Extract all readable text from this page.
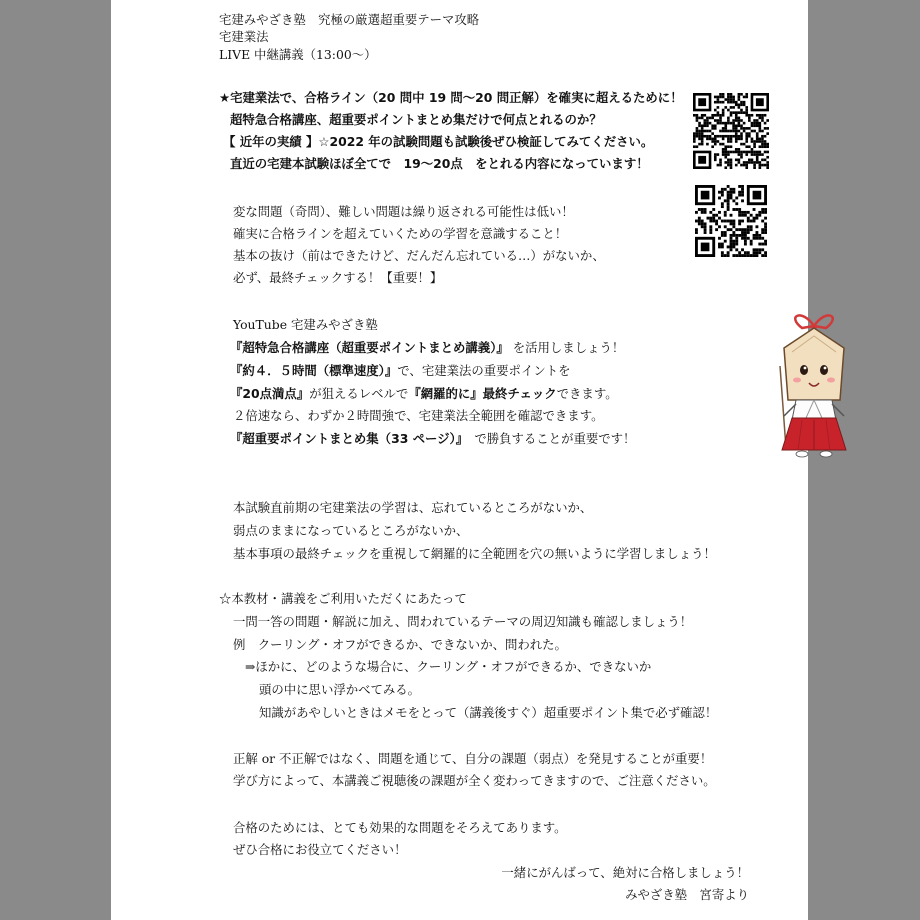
宅建みやざき塾　究極の厳選超重要テーマ攻略
宅建業法
LIVE 中継講義（13:00〜）
★宅建業法で、合格ライン（20 問中 19 問〜20 問正解）を確実に超えるために！
超特急合格講座、超重要ポイントまとめ集だけで何点とれるのか？
【 近年の実績 】☆2022 年の試験問題も試験後ぜひ検証してみてください。
直近の宅建本試験ほぼ全てで　19〜20点　をとれる内容になっています！
変な問題（奇問）、難しい問題は繰り返される可能性は低い！
確実に合格ラインを超えていくための学習を意識すること！
基本の抜け（前はできたけど、だんだん忘れている…）がないか、
必ず、最終チェックする！【重要！】
YouTube 宅建みやざき塾
『超特急合格講座（超重要ポイントまとめ講義）』 を活用しましょう！
『約４．５時間（標準速度）』で、宅建業法の重要ポイントを
『20点満点』が狙えるレベルで『網羅的に』最終チェックできます。
２倍速なら、わずか２時間強で、宅建業法全範囲を確認できます。
『超重要ポイントまとめ集（33 ページ）』　で勝負することが重要です！
本試験直前期の宅建業法の学習は、忘れているところがないか、
弱点のままになっているところがないか、
基本事項の最終チェックを重視して網羅的に全範囲を穴の無いように学習しましょう！
☆本教材・講義をご利用いただくにあたって
一問一答の問題・解説に加え、問われているテーマの周辺知識も確認しましょう！
例　クーリング・オフができるか、できないか、問われた。
⇒ほかに、どのような場合に、クーリング・オフができるか、できないか
頭の中に思い浮かべてみる。
知識があやしいときはメモをとって（講義後すぐ）超重要ポイント集で必ず確認！
正解 or 不正解ではなく、問題を通じて、自分の課題（弱点）を発見することが重要！
学び方によって、本講義ご視聴後の課題が全く変わってきますので、ご注意ください。
合格のためには、とても効果的な問題をそろえてあります。
ぜひ合格にお役立てください！
一緒にがんばって、絶対に合格しましょう！
みやざき塾　宮寄より
